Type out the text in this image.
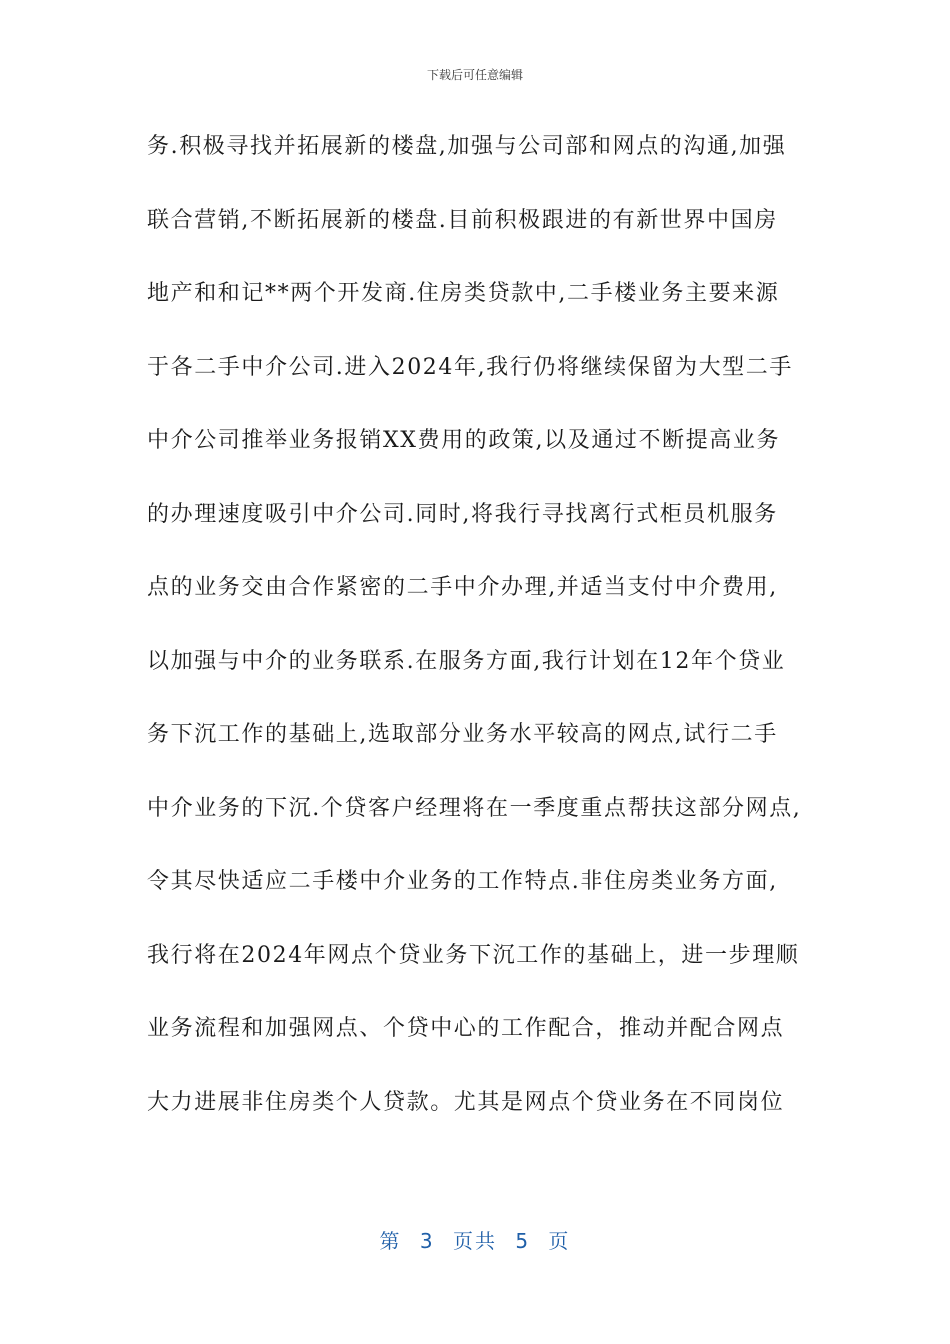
下载后可任意编辑
务.积极寻找并拓展新的楼盘,加强与公司部和网点的沟通,加强
联合营销,不断拓展新的楼盘.目前积极跟进的有新世界中国房
地产和和记**两个开发商.住房类贷款中,二手楼业务主要来源
于各二手中介公司.进入2024年,我行仍将继续保留为大型二手
中介公司推举业务报销XX费用的政策,以及通过不断提高业务
的办理速度吸引中介公司.同时,将我行寻找离行式柜员机服务
点的业务交由合作紧密的二手中介办理,并适当支付中介费用,
以加强与中介的业务联系.在服务方面,我行计划在12年个贷业
务下沉工作的基础上,选取部分业务水平较高的网点,试行二手
中介业务的下沉.个贷客户经理将在一季度重点帮扶这部分网点,
令其尽快适应二手楼中介业务的工作特点.非住房类业务方面,
我行将在2024年网点个贷业务下沉工作的基础上，进一步理顺
业务流程和加强网点、个贷中心的工作配合，推动并配合网点
大力进展非住房类个人贷款。尤其是网点个贷业务在不同岗位
第 3 页共 5 页
